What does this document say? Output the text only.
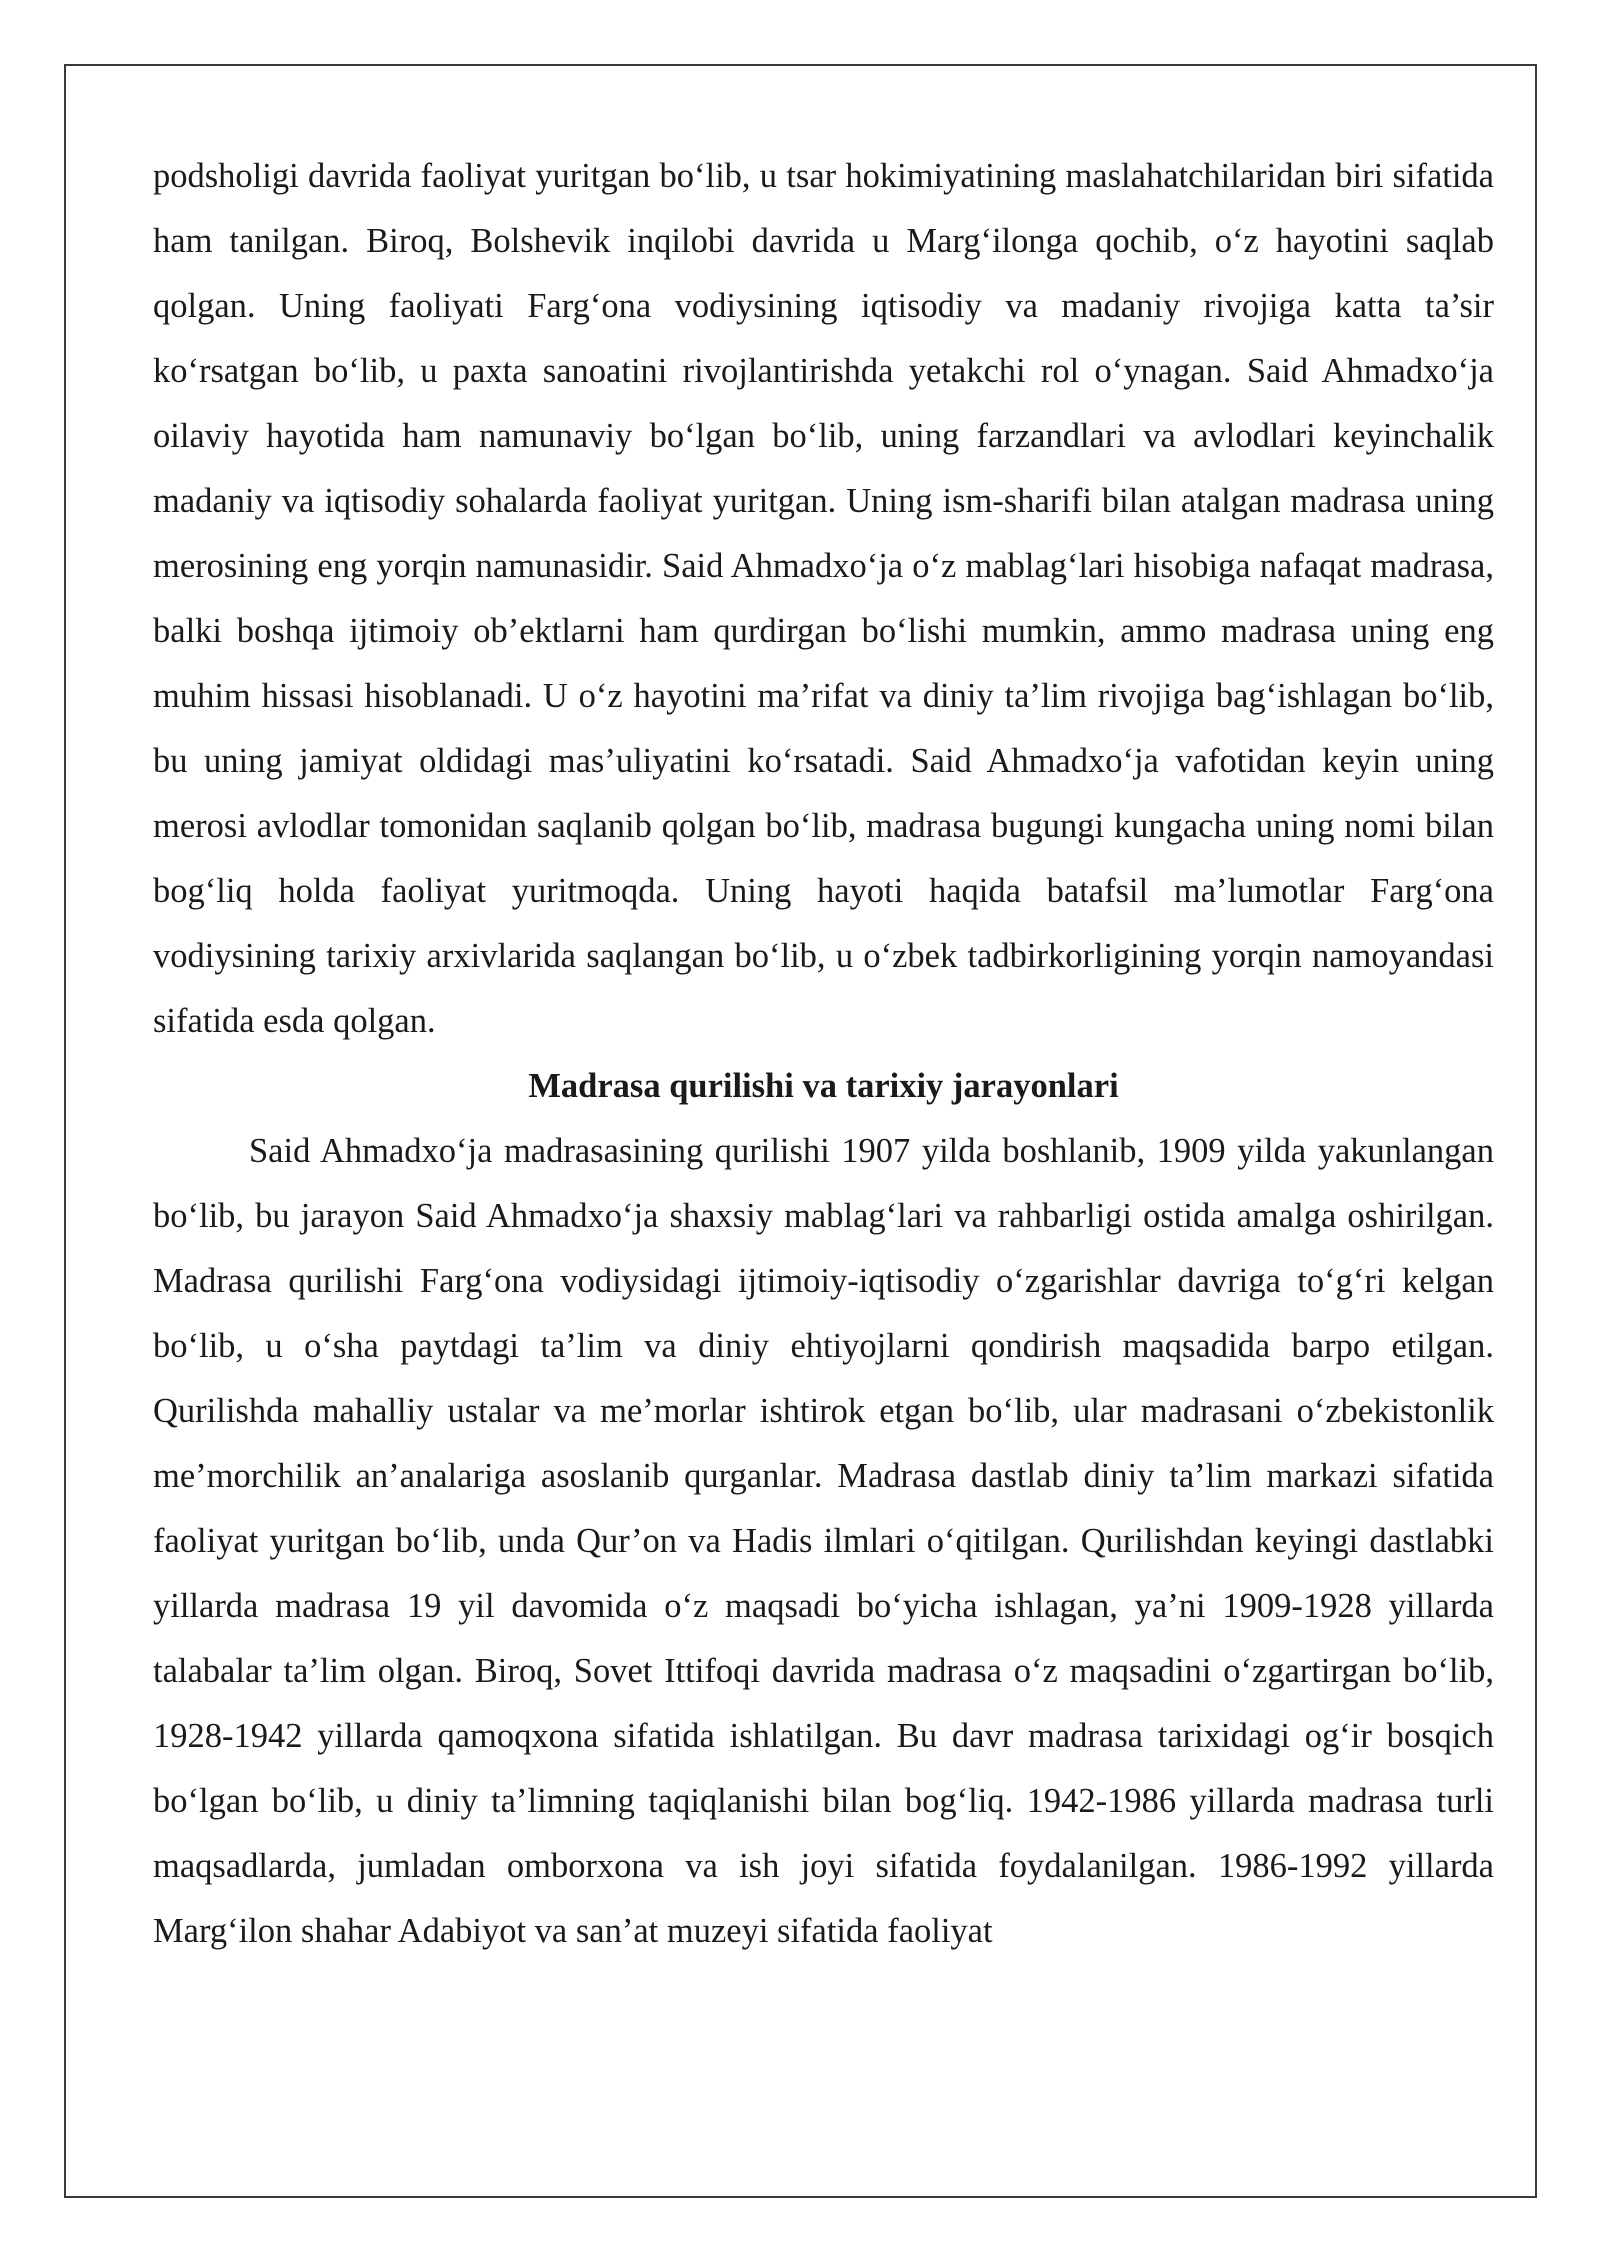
podsholigi davrida faoliyat yuritgan bo‘lib, u tsar hokimiyatining maslahatchilaridan biri sifatida ham tanilgan. Biroq, Bolshevik inqilobi davrida u Marg‘ilonga qochib, o‘z hayotini saqlab qolgan. Uning faoliyati Farg‘ona vodiysining iqtisodiy va madaniy rivojiga katta ta’sir ko‘rsatgan bo‘lib, u paxta sanoatini rivojlantirishda yetakchi rol o‘ynagan. Said Ahmadxo‘ja oilaviy hayotida ham namunaviy bo‘lgan bo‘lib, uning farzandlari va avlodlari keyinchalik madaniy va iqtisodiy sohalarda faoliyat yuritgan. Uning ism-sharifi bilan atalgan madrasa uning merosining eng yorqin namunasidir. Said Ahmadxo‘ja o‘z mablag‘lari hisobiga nafaqat madrasa, balki boshqa ijtimoiy ob’ektlarni ham qurdirgan bo‘lishi mumkin, ammo madrasa uning eng muhim hissasi hisoblanadi. U o‘z hayotini ma’rifat va diniy ta’lim rivojiga bag‘ishlagan bo‘lib, bu uning jamiyat oldidagi mas’uliyatini ko‘rsatadi. Said Ahmadxo‘ja vafotidan keyin uning merosi avlodlar tomonidan saqlanib qolgan bo‘lib, madrasa bugungi kungacha uning nomi bilan bog‘liq holda faoliyat yuritmoqda. Uning hayoti haqida batafsil ma’lumotlar Farg‘ona vodiysining tarixiy arxivlarida saqlangan bo‘lib, u o‘zbek tadbirkorligining yorqin namoyandasi sifatida esda qolgan.

Madrasa qurilishi va tarixiy jarayonlari

Said Ahmadxo‘ja madrasasining qurilishi 1907 yilda boshlanib, 1909 yilda yakunlangan bo‘lib, bu jarayon Said Ahmadxo‘ja shaxsiy mablag‘lari va rahbarligi ostida amalga oshirilgan. Madrasa qurilishi Farg‘ona vodiysidagi ijtimoiy-iqtisodiy o‘zgarishlar davriga to‘g‘ri kelgan bo‘lib, u o‘sha paytdagi ta’lim va diniy ehtiyojlarni qondirish maqsadida barpo etilgan. Qurilishda mahalliy ustalar va me’morlar ishtirok etgan bo‘lib, ular madrasani o‘zbekistonlik me’morchilik an’analariga asoslanib qurganlar. Madrasa dastlab diniy ta’lim markazi sifatida faoliyat yuritgan bo‘lib, unda Qur’on va Hadis ilmlari o‘qitilgan. Qurilishdan keyingi dastlabki yillarda madrasa 19 yil davomida o‘z maqsadi bo‘yicha ishlagan, ya’ni 1909-1928 yillarda talabalar ta’lim olgan. Biroq, Sovet Ittifoqi davrida madrasa o‘z maqsadini o‘zgartirgan bo‘lib, 1928-1942 yillarda qamoqxona sifatida ishlatilgan. Bu davr madrasa tarixidagi og‘ir bosqich bo‘lgan bo‘lib, u diniy ta’limning taqiqlanishi bilan bog‘liq. 1942-1986 yillarda madrasa turli maqsadlarda, jumladan omborxona va ish joyi sifatida foydalanilgan. 1986-1992 yillarda Marg‘ilon shahar Adabiyot va san’at muzeyi sifatida faoliyat
